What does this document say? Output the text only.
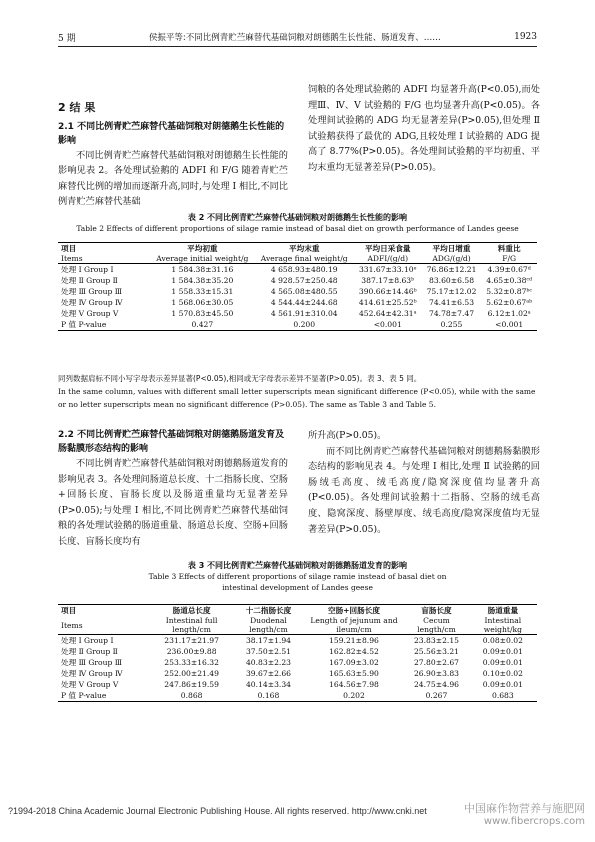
5 期	侯振平等:不同比例青贮苎麻替代基础饲粮对朗德鹅生长性能、肠道发育、……	1923
2 结 果

2.1 不同比例青贮苎麻替代基础饲粮对朗德鹅生长性能的影响

不同比例青贮苎麻替代基础饲粮对朗德鹅生长性能的影响见表 2。各处理试验鹅的 ADFI 和 F/G 随着青贮苎麻替代比例的增加而逐渐升高,同时,与处理 Ⅰ 相比,不同比例青贮苎麻替代基础

饲粮的各处理试验鹅的 ADFI 均显著升高(P<0.05),而处理Ⅲ、Ⅳ、Ⅴ 试验鹅的 F/G 也均显著升高(P<0.05)。各处理间试验鹅的 ADG 均无显著差异(P>0.05),但处理 Ⅱ 试验鹅获得了最优的 ADG,且较处理 Ⅰ 试验鹅的 ADG 提高了 8.77%(P>0.05)。各处理间试验鹅的平均初重、平均末重均无显著差异(P>0.05)。

表 2 不同比例青贮苎麻替代基础饲粮对朗德鹅生长性能的影响
Table 2 Effects of different proportions of silage ramie instead of basal diet on growth performance of Landes geese
项目	平均初重	平均末重	平均日采食量	平均日增重	料重比
Items	Average initial weight/g	Average final weight/g	ADFI/(g/d)	ADG/(g/d)	F/G
处理 Ⅰ Group Ⅰ	1 584.38±31.16	4 658.93±480.19	331.67±33.10ᵉ	76.86±12.21	4.39±0.67ᵈ
处理 Ⅱ Group Ⅱ	1 584.38±35.20	4 928.57±250.48	387.17±8.63ᵇ	83.60±6.58	4.65±0.38ᶜᵈ
处理 Ⅲ Group Ⅲ	1 558.33±15.31	4 565.08±480.55	390.66±14.46ᵇ	75.17±12.02	5.32±0.87ᵇᶜ
处理 Ⅳ Group Ⅳ	1 568.06±30.05	4 544.44±244.68	414.61±25.52ᵇ	74.41±6.53	5.62±0.67ᵃᵇ
处理 Ⅴ Group Ⅴ	1 570.83±45.50	4 561.91±310.04	452.64±42.31ᵃ	74.78±7.47	6.12±1.02ᵃ
P 值 P-value	0.427	0.200	<0.001	0.255	<0.001
同列数据肩标不同小写字母表示差异显著(P<0.05),相同或无字母表示差异不显著(P>0.05)。表 3、表 5 同。
In the same column, values with different small letter superscripts mean significant difference (P<0.05), while with the same or no letter superscripts mean no significant difference (P>0.05). The same as Table 3 and Table 5.

2.2 不同比例青贮苎麻替代基础饲粮对朗德鹅肠道发育及肠黏膜形态结构的影响

不同比例青贮苎麻替代基础饲粮对朗德鹅肠道发育的影响见表 3。各处理间肠道总长度、十二指肠长度、空肠+回肠长度、盲肠长度以及肠道重量均无显著差异(P>0.05);与处理 Ⅰ 相比,不同比例青贮苎麻替代基础饲粮的各处理试验鹅的肠道重量、肠道总长度、空肠+回肠长度、盲肠长度均有

所升高(P>0.05)。

而不同比例青贮苎麻替代基础饲粮对朗德鹅肠黏膜形态结构的影响见表 4。与处理 Ⅰ 相比,处理 Ⅱ 试验鹅的回肠绒毛高度、绒毛高度/隐窝深度值均显著升高(P<0.05)。各处理间试验鹅十二指肠、空肠的绒毛高度、隐窝深度、肠壁厚度、绒毛高度/隐窝深度值均无显著差异(P>0.05)。

表 3 不同比例青贮苎麻替代基础饲粮对朗德鹅肠道发育的影响
Table 3 Effects of different proportions of silage ramie instead of basal diet on
intestinal development of Landes geese
项目	肠道总长度	十二指肠长度	空肠+回肠长度	盲肠长度	肠道重量
Items	Intestinal full length/cm	Duodenal length/cm	Length of jejunum and ileum/cm	Cecum length/cm	Intestinal weight/kg
处理 Ⅰ Group Ⅰ	231.17±21.97	38.17±1.94	159.21±8.96	23.83±2.15	0.08±0.02
处理 Ⅱ Group Ⅱ	236.00±9.88	37.50±2.51	162.82±4.52	25.56±3.21	0.09±0.01
处理 Ⅲ Group Ⅲ	253.33±16.32	40.83±2.23	167.09±3.02	27.80±2.67	0.09±0.01
处理 Ⅳ Group Ⅳ	252.00±21.49	39.67±2.66	165.63±5.90	26.90±3.83	0.10±0.02
处理 Ⅴ Group Ⅴ	247.86±19.59	40.14±3.34	164.56±7.98	24.75±4.96	0.09±0.01
P 值 P-value	0.868	0.168	0.202	0.267	0.683
?1994-2018 China Academic Journal Electronic Publishing House. All rights reserved. http://www.cnki.net	中国麻作物营养与施肥网
www.fibercrops.com
